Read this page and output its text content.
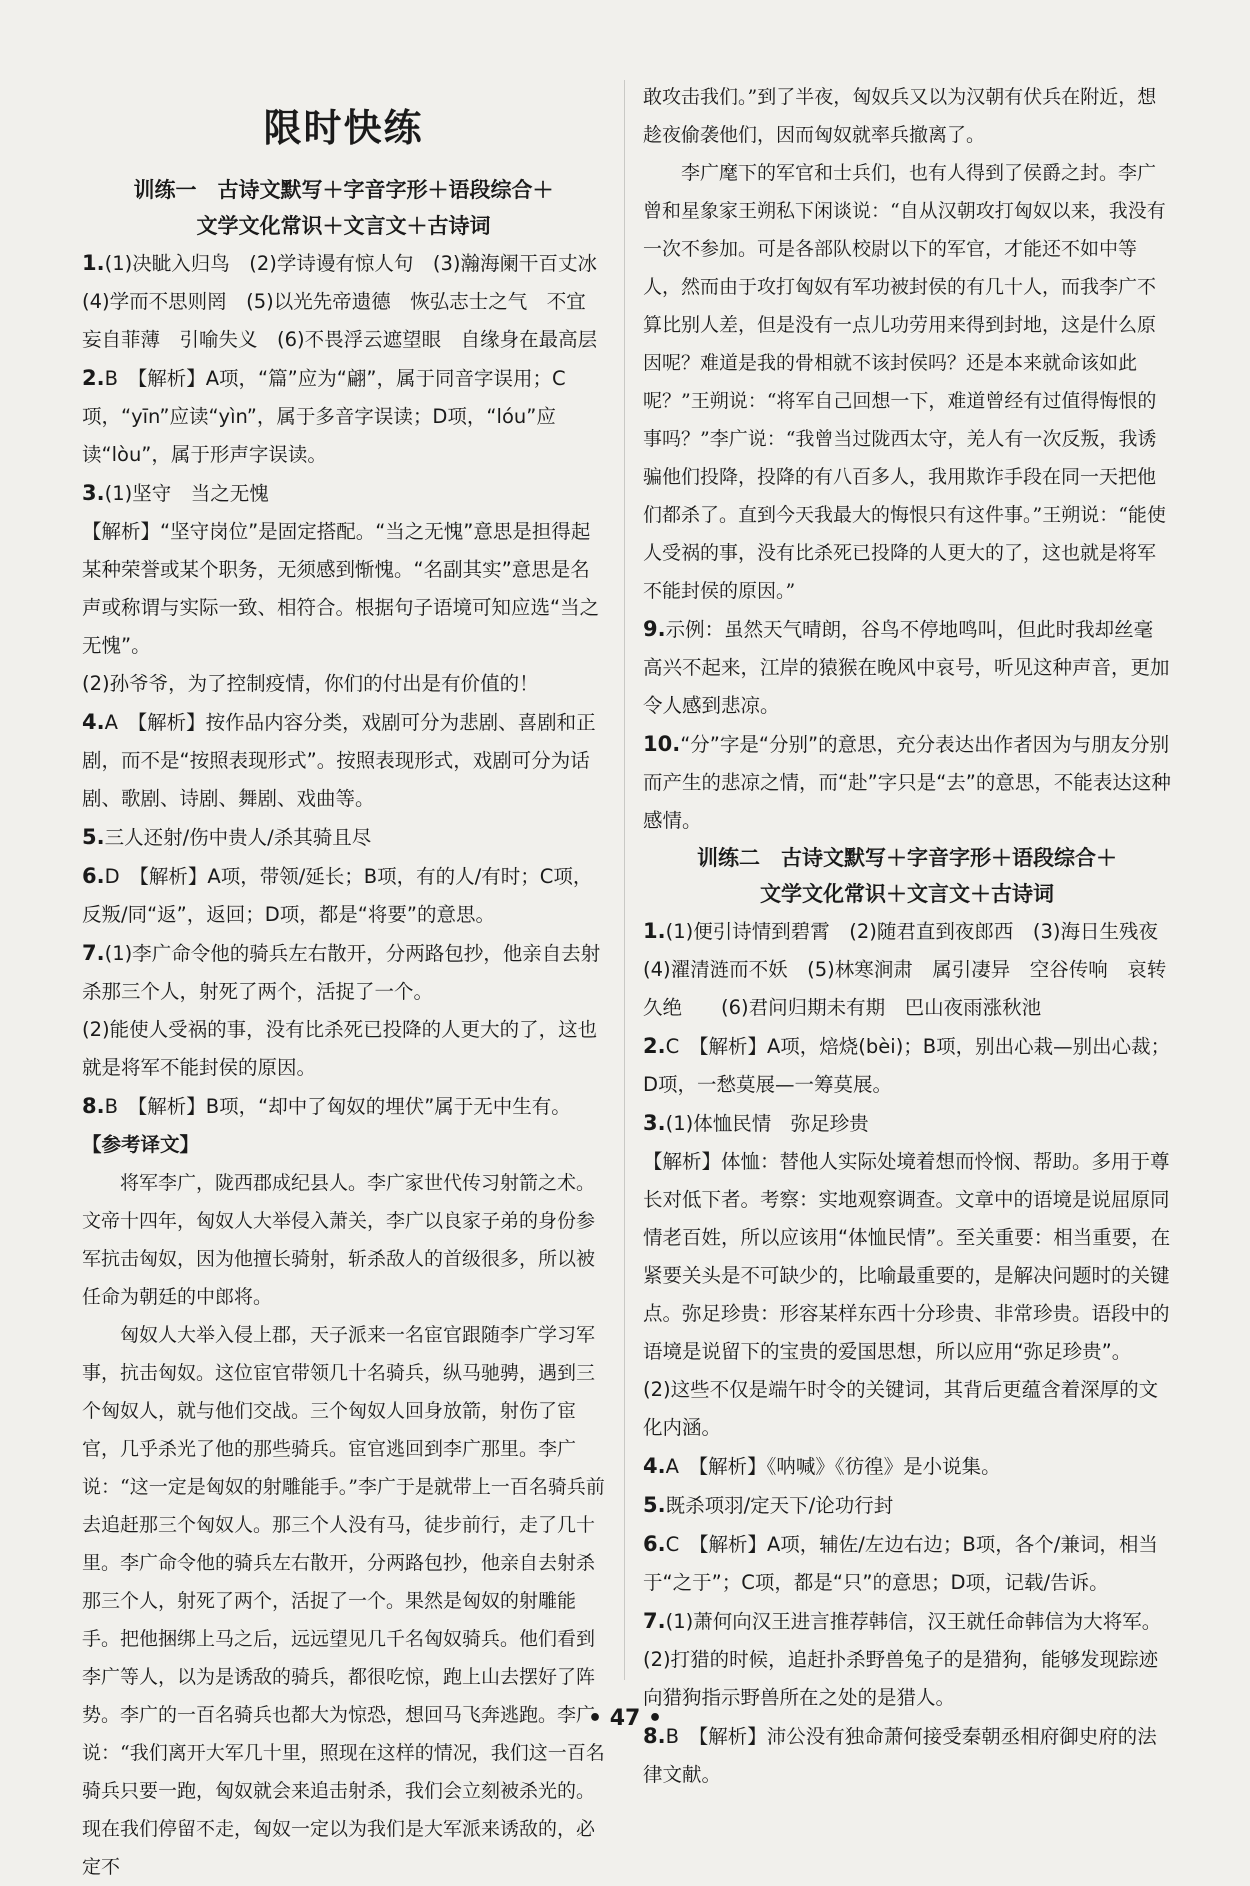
限时快练
训练一　古诗文默写＋字音字形＋语段综合＋
文学文化常识＋文言文＋古诗词
1.(1)决眦入归鸟　(2)学诗谩有惊人句　(3)瀚海阑干百丈冰　(4)学而不思则罔　(5)以光先帝遗德　恢弘志士之气　不宜妄自菲薄　引喻失义　(6)不畏浮云遮望眼　自缘身在最高层
2.B　【解析】A项，“篇”应为“翩”，属于同音字误用；C项，“yīn”应读“yìn”，属于多音字误读；D项，“lóu”应读“lòu”，属于形声字误读。
3.(1)坚守　当之无愧
【解析】“坚守岗位”是固定搭配。“当之无愧”意思是担得起某种荣誉或某个职务，无须感到惭愧。“名副其实”意思是名声或称谓与实际一致、相符合。根据句子语境可知应选“当之无愧”。
(2)孙爷爷，为了控制疫情，你们的付出是有价值的！
4.A　【解析】按作品内容分类，戏剧可分为悲剧、喜剧和正剧，而不是“按照表现形式”。按照表现形式，戏剧可分为话剧、歌剧、诗剧、舞剧、戏曲等。
5.三人还射/伤中贵人/杀其骑且尽
6.D　【解析】A项，带领/延长；B项，有的人/有时；C项，反叛/同“返”，返回；D项，都是“将要”的意思。
7.(1)李广命令他的骑兵左右散开，分两路包抄，他亲自去射杀那三个人，射死了两个，活捉了一个。
(2)能使人受祸的事，没有比杀死已投降的人更大的了，这也就是将军不能封侯的原因。
8.B　【解析】B项，“却中了匈奴的埋伏”属于无中生有。
【参考译文】
将军李广，陇西郡成纪县人。李广家世代传习射箭之术。文帝十四年，匈奴人大举侵入萧关，李广以良家子弟的身份参军抗击匈奴，因为他擅长骑射，斩杀敌人的首级很多，所以被任命为朝廷的中郎将。
匈奴人大举入侵上郡，天子派来一名宦官跟随李广学习军事，抗击匈奴。这位宦官带领几十名骑兵，纵马驰骋，遇到三个匈奴人，就与他们交战。三个匈奴人回身放箭，射伤了宦官，几乎杀光了他的那些骑兵。宦官逃回到李广那里。李广说：“这一定是匈奴的射雕能手。”李广于是就带上一百名骑兵前去追赶那三个匈奴人。那三个人没有马，徒步前行，走了几十里。李广命令他的骑兵左右散开，分两路包抄，他亲自去射杀那三个人，射死了两个，活捉了一个。果然是匈奴的射雕能手。把他捆绑上马之后，远远望见几千名匈奴骑兵。他们看到李广等人，以为是诱敌的骑兵，都很吃惊，跑上山去摆好了阵势。李广的一百名骑兵也都大为惊恐，想回马飞奔逃跑。李广说：“我们离开大军几十里，照现在这样的情况，我们这一百名骑兵只要一跑，匈奴就会来追击射杀，我们会立刻被杀光的。现在我们停留不走，匈奴一定以为我们是大军派来诱敌的，必定不
敢攻击我们。”到了半夜，匈奴兵又以为汉朝有伏兵在附近，想趁夜偷袭他们，因而匈奴就率兵撤离了。
李广麾下的军官和士兵们，也有人得到了侯爵之封。李广曾和星象家王朔私下闲谈说：“自从汉朝攻打匈奴以来，我没有一次不参加。可是各部队校尉以下的军官，才能还不如中等人，然而由于攻打匈奴有军功被封侯的有几十人，而我李广不算比别人差，但是没有一点儿功劳用来得到封地，这是什么原因呢？难道是我的骨相就不该封侯吗？还是本来就命该如此呢？”王朔说：“将军自己回想一下，难道曾经有过值得悔恨的事吗？”李广说：“我曾当过陇西太守，羌人有一次反叛，我诱骗他们投降，投降的有八百多人，我用欺诈手段在同一天把他们都杀了。直到今天我最大的悔恨只有这件事。”王朔说：“能使人受祸的事，没有比杀死已投降的人更大的了，这也就是将军不能封侯的原因。”
9.示例：虽然天气晴朗，谷鸟不停地鸣叫，但此时我却丝毫高兴不起来，江岸的猿猴在晚风中哀号，听见这种声音，更加令人感到悲凉。
10.“分”字是“分别”的意思，充分表达出作者因为与朋友分别而产生的悲凉之情，而“赴”字只是“去”的意思，不能表达这种感情。
训练二　古诗文默写＋字音字形＋语段综合＋
文学文化常识＋文言文＋古诗词
1.(1)便引诗情到碧霄　(2)随君直到夜郎西　(3)海日生残夜　(4)濯清涟而不妖　(5)林寒涧肃　属引凄异　空谷传响　哀转久绝　　(6)君问归期未有期　巴山夜雨涨秋池
2.C　【解析】A项，焙烧(bèi)；B项，别出心栽—别出心裁；D项，一愁莫展—一筹莫展。
3.(1)体恤民情　弥足珍贵
【解析】体恤：替他人实际处境着想而怜悯、帮助。多用于尊长对低下者。考察：实地观察调查。文章中的语境是说屈原同情老百姓，所以应该用“体恤民情”。至关重要：相当重要，在紧要关头是不可缺少的，比喻最重要的，是解决问题时的关键点。弥足珍贵：形容某样东西十分珍贵、非常珍贵。语段中的语境是说留下的宝贵的爱国思想，所以应用“弥足珍贵”。
(2)这些不仅是端午时令的关键词，其背后更蕴含着深厚的文化内涵。
4.A　【解析】《呐喊》《彷徨》是小说集。
5.既杀项羽/定天下/论功行封
6.C　【解析】A项，辅佐/左边右边；B项，各个/兼词，相当于“之于”；C项，都是“只”的意思；D项，记载/告诉。
7.(1)萧何向汉王进言推荐韩信，汉王就任命韩信为大将军。
(2)打猎的时候，追赶扑杀野兽兔子的是猎狗，能够发现踪迹向猎狗指示野兽所在之处的是猎人。
8.B　【解析】沛公没有独命萧何接受秦朝丞相府御史府的法律文献。
• 47 •
